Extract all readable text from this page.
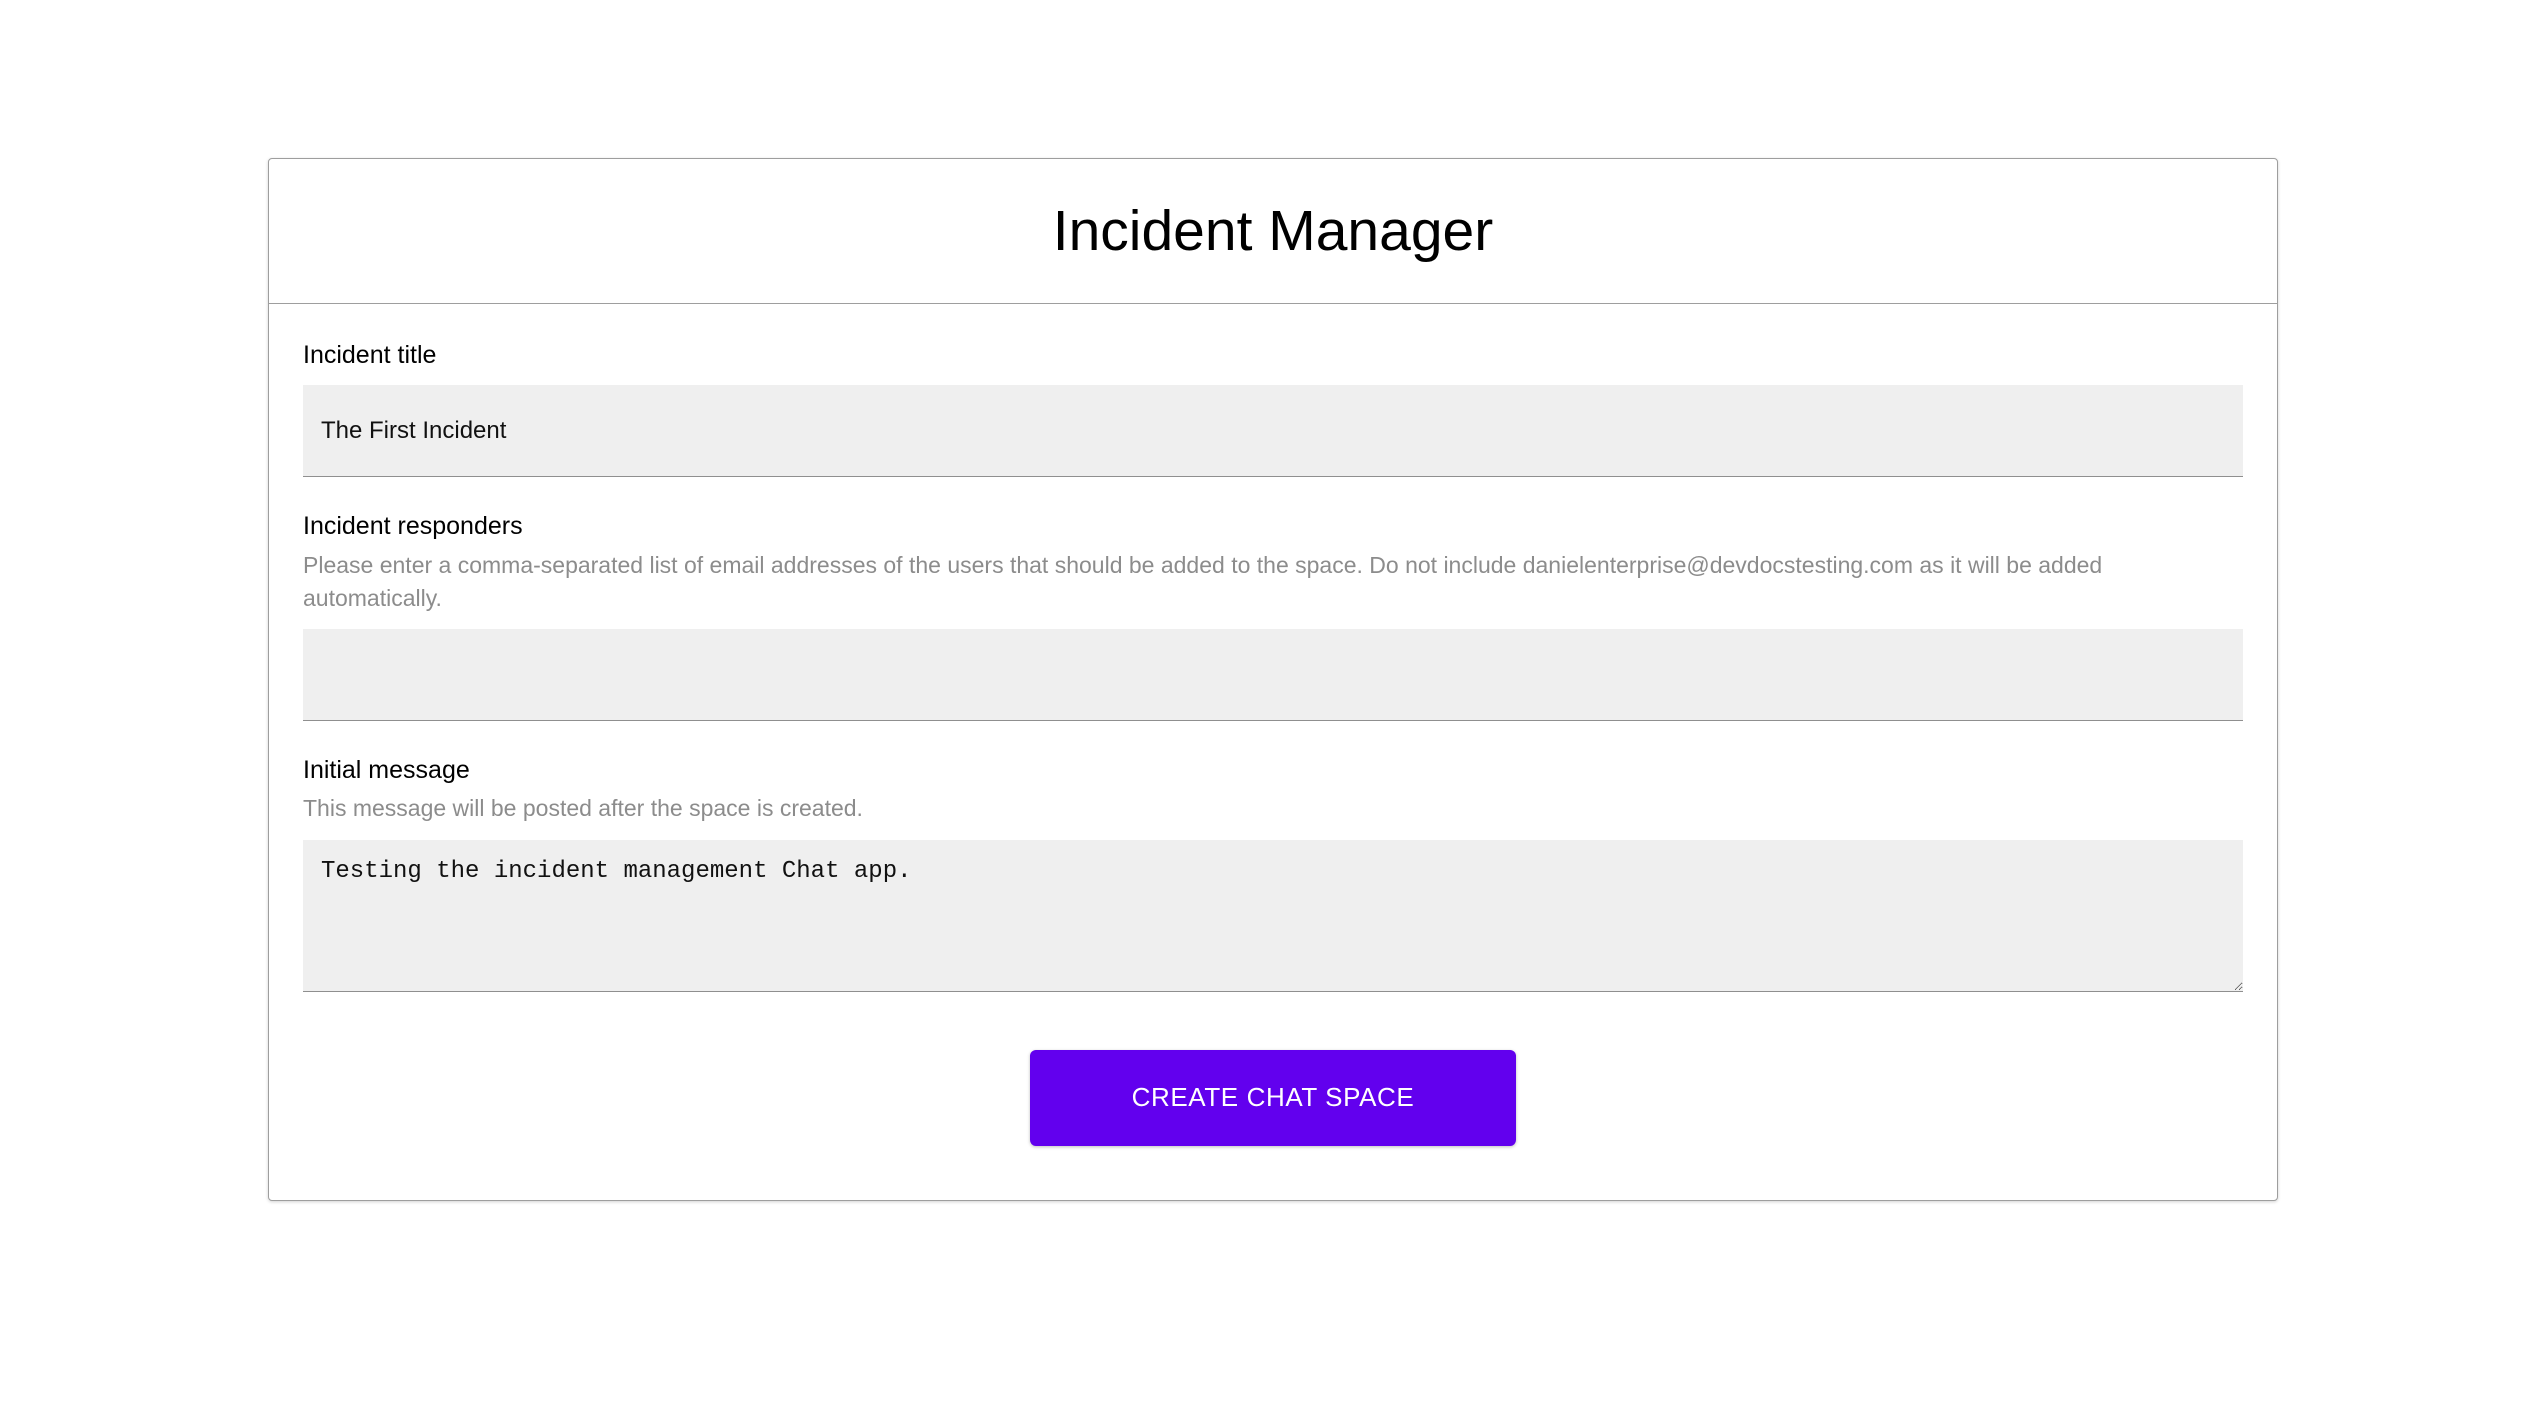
Incident Manager
Incident title
The First Incident
Incident responders
Please enter a comma-separated list of email addresses of the users that should be added to the space. Do not include danielenterprise@devdocstesting.com as it will be added automatically.
Initial message
This message will be posted after the space is created.
Testing the incident management Chat app.
CREATE CHAT SPACE
